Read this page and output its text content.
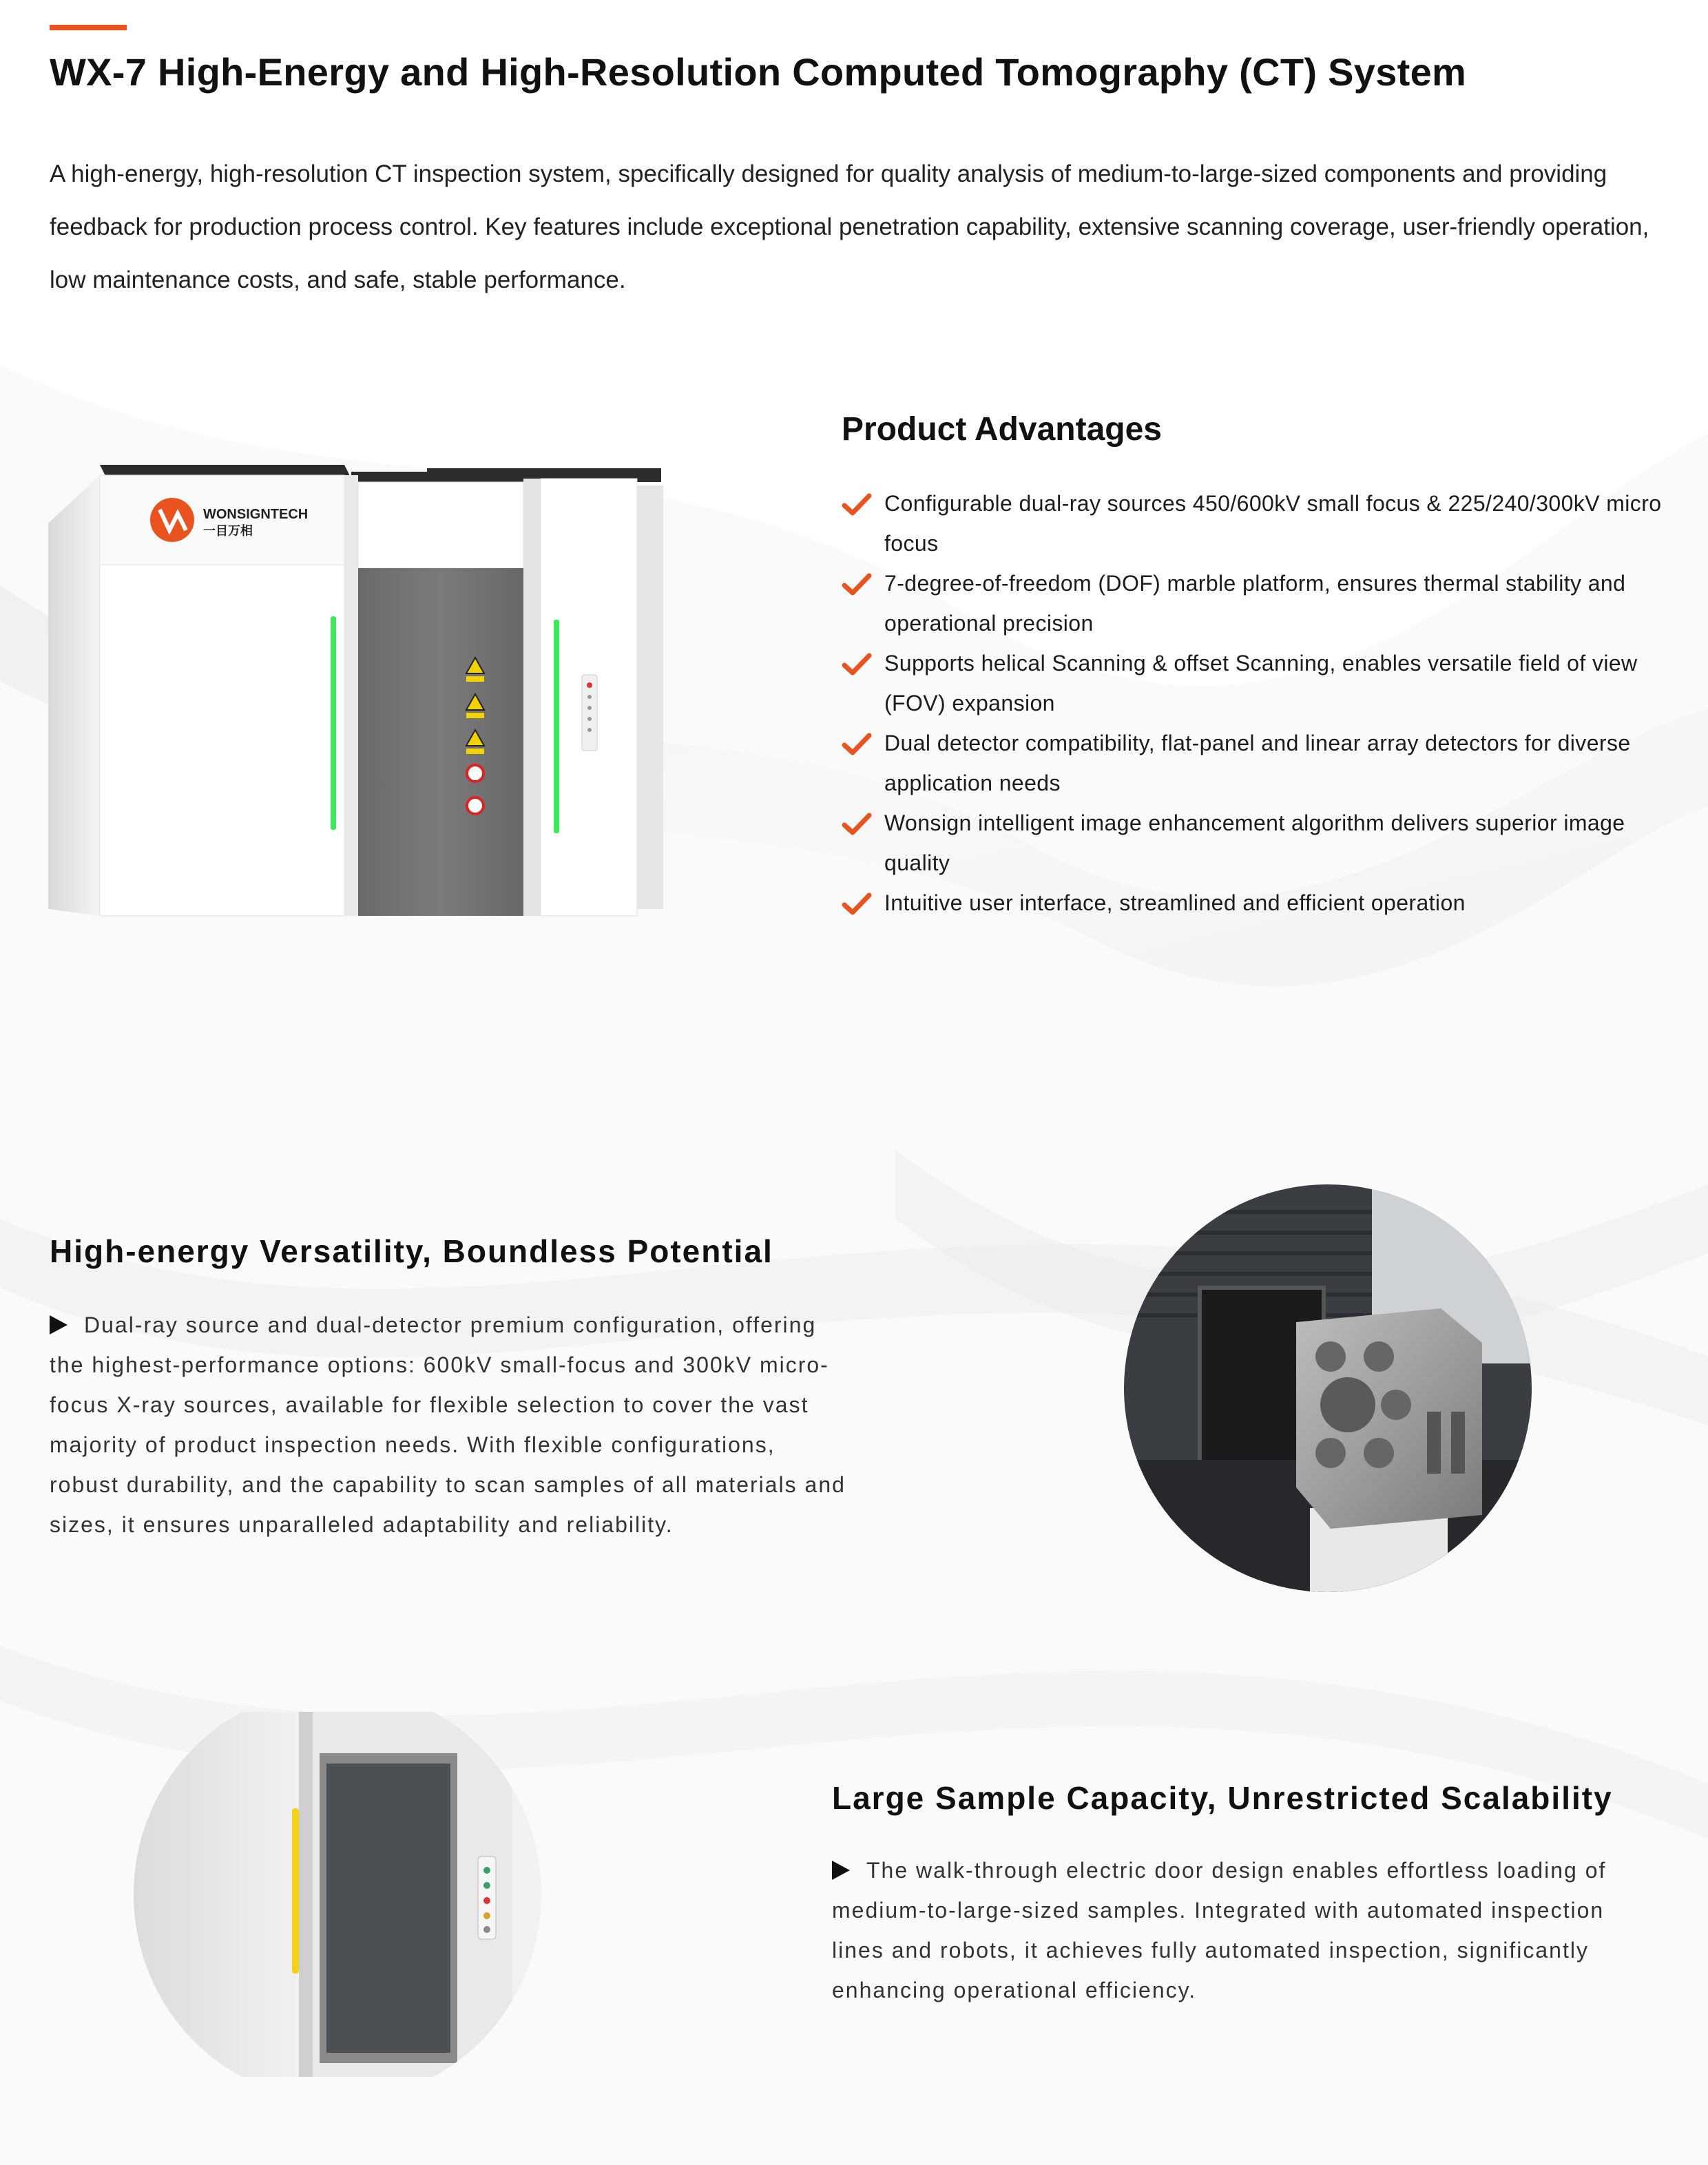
WX-7 High-Energy and High-Resolution Computed Tomography (CT) System
A high-energy, high-resolution CT inspection system, specifically designed for quality analysis of medium-to-large-sized components and providing feedback for production process control. Key features include exceptional penetration capability, extensive scanning coverage, user-friendly operation, low maintenance costs, and safe, stable performance.
WONSIGNTECH
一目万相
Product Advantages
Configurable dual-ray sources 450/600kV small focus & 225/240/300kV micro focus
7-degree-of-freedom (DOF) marble platform, ensures thermal stability and operational precision
Supports helical Scanning & offset Scanning, enables versatile field of view (FOV) expansion
Dual detector compatibility, flat-panel and linear array detectors for diverse application needs
Wonsign intelligent image enhancement algorithm delivers superior image quality
Intuitive user interface, streamlined and efficient operation
High-energy Versatility, Boundless Potential
Dual-ray source and dual-detector premium configuration, offering the highest-performance options: 600kV small-focus and 300kV micro-focus X-ray sources, available for flexible selection to cover the vast majority of product inspection needs. With flexible configurations, robust durability, and the capability to scan samples of all materials and sizes, it ensures unparalleled adaptability and reliability.
Large Sample Capacity, Unrestricted Scalability
The walk-through electric door design enables effortless loading of medium-to-large-sized samples. Integrated with automated inspection lines and robots, it achieves fully automated inspection, significantly enhancing operational efficiency.
